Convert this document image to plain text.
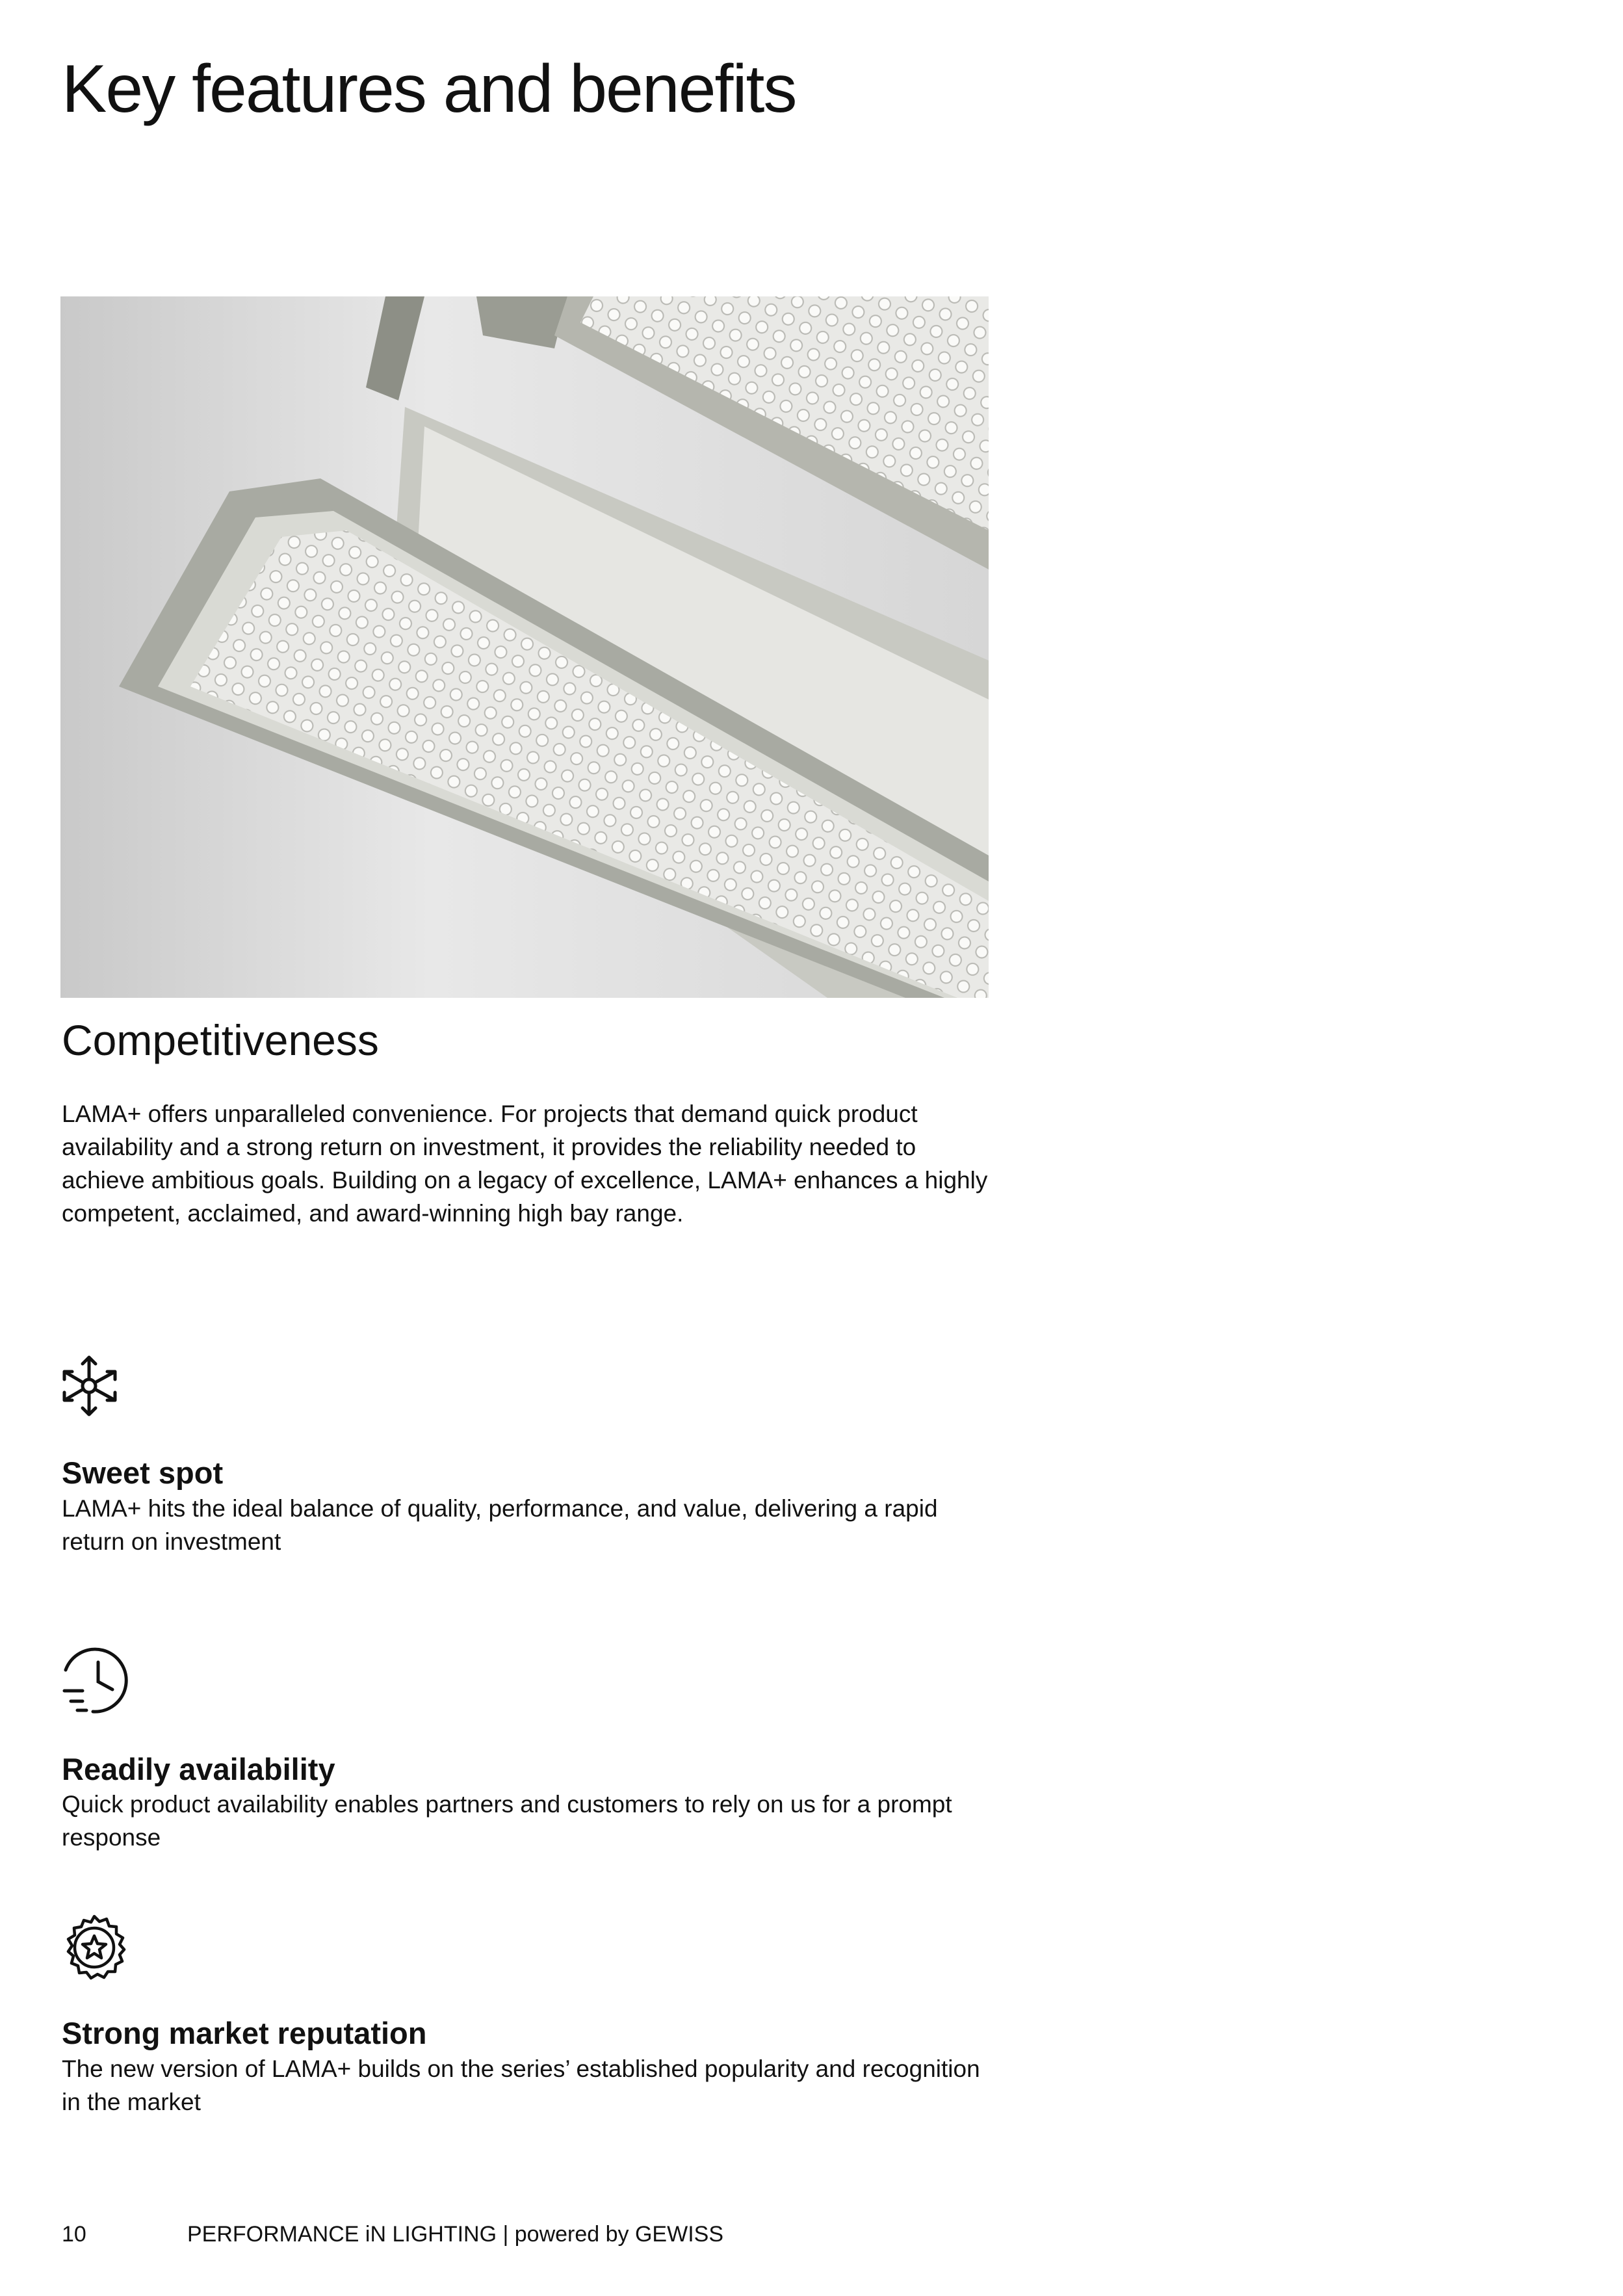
Key features and benefits
Competitiveness

LAMA+ offers unparalleled convenience. For projects that demand quick product availability and a strong return on investment, it provides the reliability needed to achieve ambitious goals. Building on a legacy of excellence, LAMA+ enhances a highly competent, acclaimed, and award-winning high bay range.

Sweet spot

LAMA+ hits the ideal balance of quality, performance, and value, delivering a rapid return on investment

Readily availability

Quick product availability enables partners and customers to rely on us for a prompt response

Strong market reputation

The new version of LAMA+ builds on the series’ established popularity and recognition in the market

10	PERFORMANCE iN LIGHTING | powered by GEWISS
